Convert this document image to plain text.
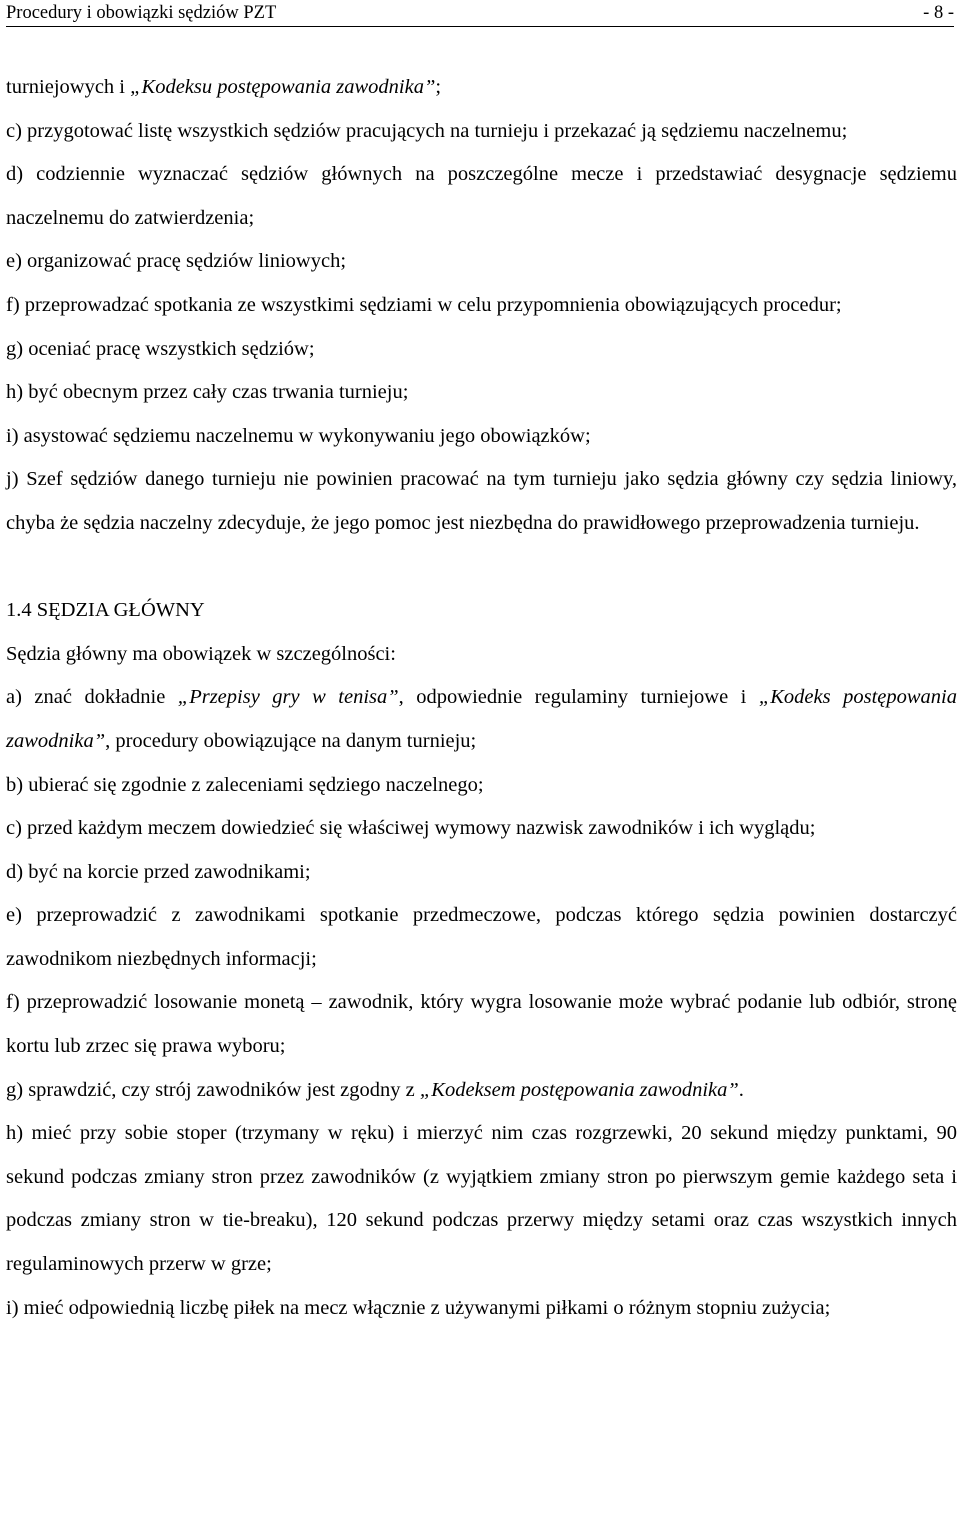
Procedury i obowiązki sędziów PZT	- 8 -

turniejowych i „Kodeksu postępowania zawodnika”;

c) przygotować listę wszystkich sędziów pracujących na turnieju i przekazać ją sędziemu naczelnemu;

d) codziennie wyznaczać sędziów głównych na poszczególne mecze i przedstawiać desygnacje sędziemu naczelnemu do zatwierdzenia;

e) organizować pracę sędziów liniowych;

f) przeprowadzać spotkania ze wszystkimi sędziami w celu przypomnienia obowiązujących procedur;

g) oceniać pracę wszystkich sędziów;

h) być obecnym przez cały czas trwania turnieju;

i) asystować sędziemu naczelnemu w wykonywaniu jego obowiązków;

j) Szef sędziów danego turnieju nie powinien pracować na tym turnieju jako sędzia główny czy sędzia liniowy, chyba że sędzia naczelny zdecyduje, że jego pomoc jest niezbędna do prawidłowego przeprowadzenia turnieju.

1.4 SĘDZIA GŁÓWNY

Sędzia główny ma obowiązek w szczególności:

a) znać dokładnie „Przepisy gry w tenisa”, odpowiednie regulaminy turniejowe i „Kodeks postępowania zawodnika”, procedury obowiązujące na danym turnieju;

b) ubierać się zgodnie z zaleceniami sędziego naczelnego;

c) przed każdym meczem dowiedzieć się właściwej wymowy nazwisk zawodników i ich wyglądu;

d) być na korcie przed zawodnikami;

e) przeprowadzić z zawodnikami spotkanie przedmeczowe, podczas którego sędzia powinien dostarczyć zawodnikom niezbędnych informacji;

f) przeprowadzić losowanie monetą – zawodnik, który wygra losowanie może wybrać podanie lub odbiór, stronę kortu lub zrzec się prawa wyboru;

g) sprawdzić, czy strój zawodników jest zgodny z „Kodeksem postępowania zawodnika”.

h) mieć przy sobie stoper (trzymany w ręku) i mierzyć nim czas rozgrzewki, 20 sekund między punktami, 90 sekund podczas zmiany stron przez zawodników (z wyjątkiem zmiany stron po pierwszym gemie każdego seta i podczas zmiany stron w tie-breaku), 120 sekund podczas przerwy między setami oraz czas wszystkich innych regulaminowych przerw w grze;

i) mieć odpowiednią liczbę piłek na mecz włącznie z używanymi piłkami o różnym stopniu zużycia;
